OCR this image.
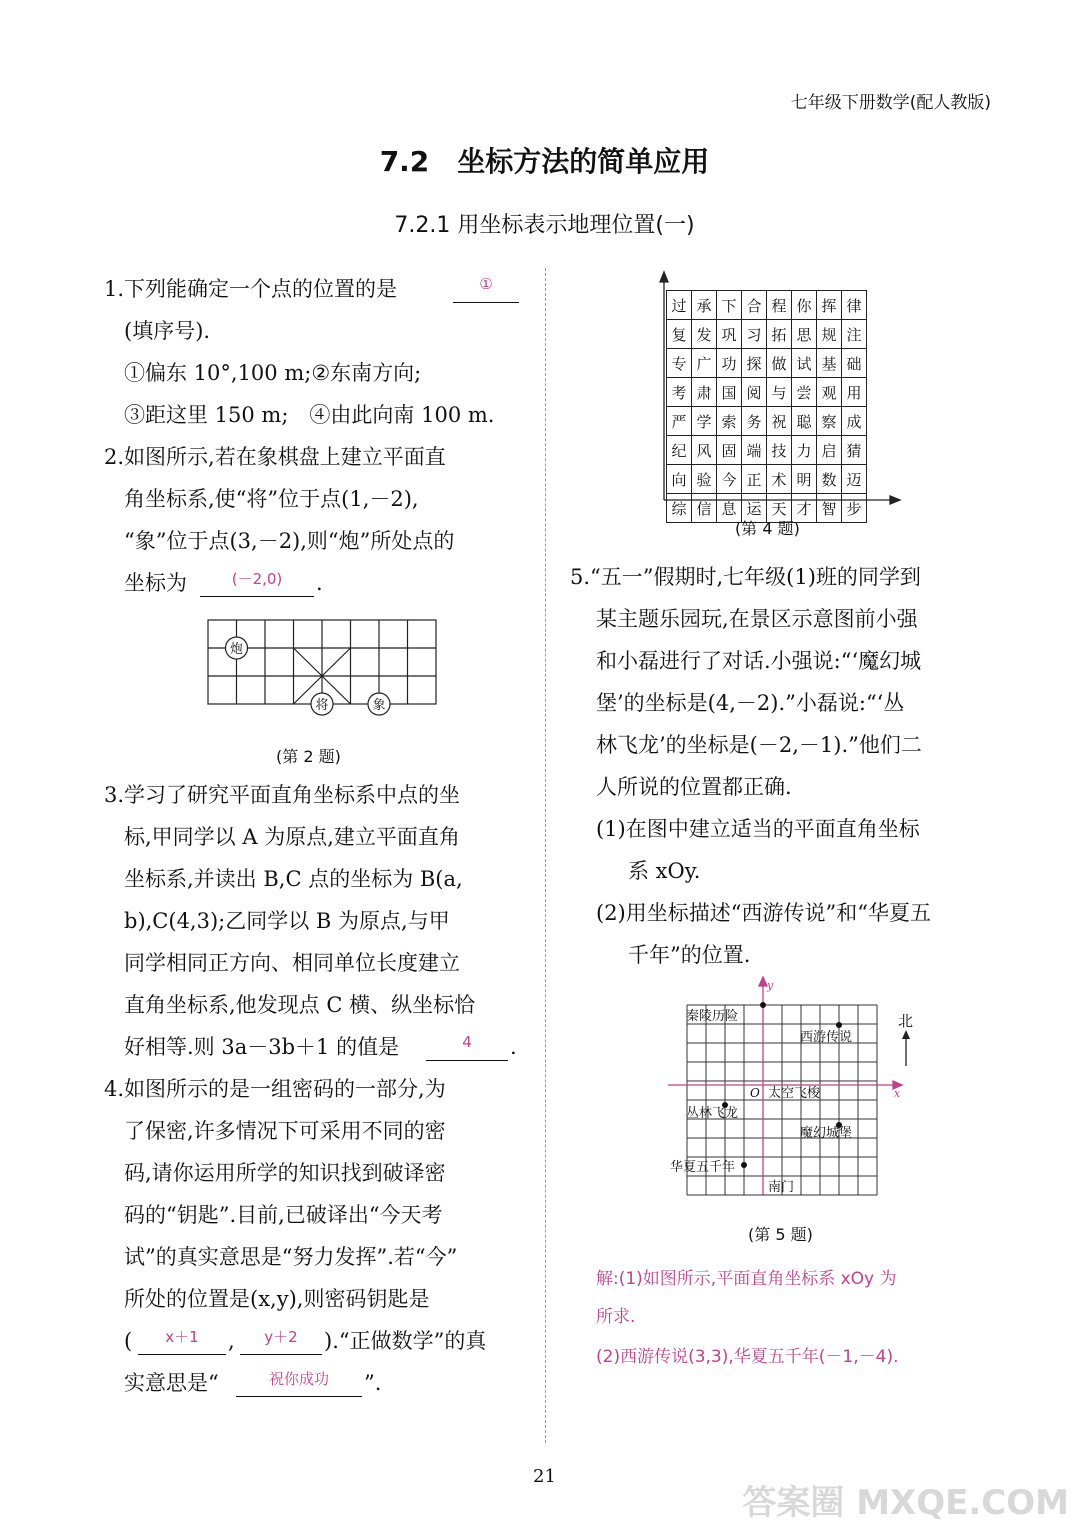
七年级下册数学(配人教版)
7.2　坐标方法的简单应用
7.2.1 用坐标表示地理位置(一)
1.下列能确定一个点的位置的是	①
(填序号).
①偏东 10°,100 m;②东南方向;
③距这里 150 m;　④由此向南 100 m.
2.如图所示,若在象棋盘上建立平面直
角坐标系,使“将”位于点(1,－2),
“象”位于点(3,－2),则“炮”所处点的
坐标为	(－2,0)	.
炮
将	象
(第 2 题)
3.学习了研究平面直角坐标系中点的坐
标,甲同学以 A 为原点,建立平面直角
坐标系,并读出 B,C 点的坐标为 B(a,
b),C(4,3);乙同学以 B 为原点,与甲
同学相同正方向、相同单位长度建立
直角坐标系,他发现点 C 横、纵坐标恰
好相等.则 3a－3b＋1 的值是	4	.
4.如图所示的是一组密码的一部分,为
了保密,许多情况下可采用不同的密
码,请你运用所学的知识找到破译密
码的“钥匙”.目前,已破译出“今天考
试”的真实意思是“努力发挥”.若“今”
所处的位置是(x,y),则密码钥匙是
(	x＋1	,	y＋2	).“正做数学”的真
实意思是“	祝你成功	”.
过	承	下	合	程	你	挥	律
复	发	巩	习	拓	思	规	注
专	广	功	探	做	试	基	础
考	肃	国	阅	与	尝	观	用
严	学	索	务	祝	聪	察	成
纪	风	固	端	技	力	启	猜
向	验	今	正	术	明	数	迈
综	信	息	运	天	才	智	步
(第 4 题)
5.“五一”假期时,七年级(1)班的同学到
某主题乐园玩,在景区示意图前小强
和小磊进行了对话.小强说:“‘魔幻城
堡’的坐标是(4,－2).”小磊说:“‘丛
林飞龙’的坐标是(－2,－1).”他们二
人所说的位置都正确.
(1)在图中建立适当的平面直角坐标
系 xOy.
(2)用坐标描述“西游传说”和“华夏五
千年”的位置.
秦陵历险
西游传说
太空飞梭
丛林飞龙
魔幻城堡
华夏五千年
南门
y
x
O
北
(第 5 题)
解:(1)如图所示,平面直角坐标系 xOy 为
所求.
(2)西游传说(3,3),华夏五千年(－1,－4).
21
答案圈 MXQE.COM
